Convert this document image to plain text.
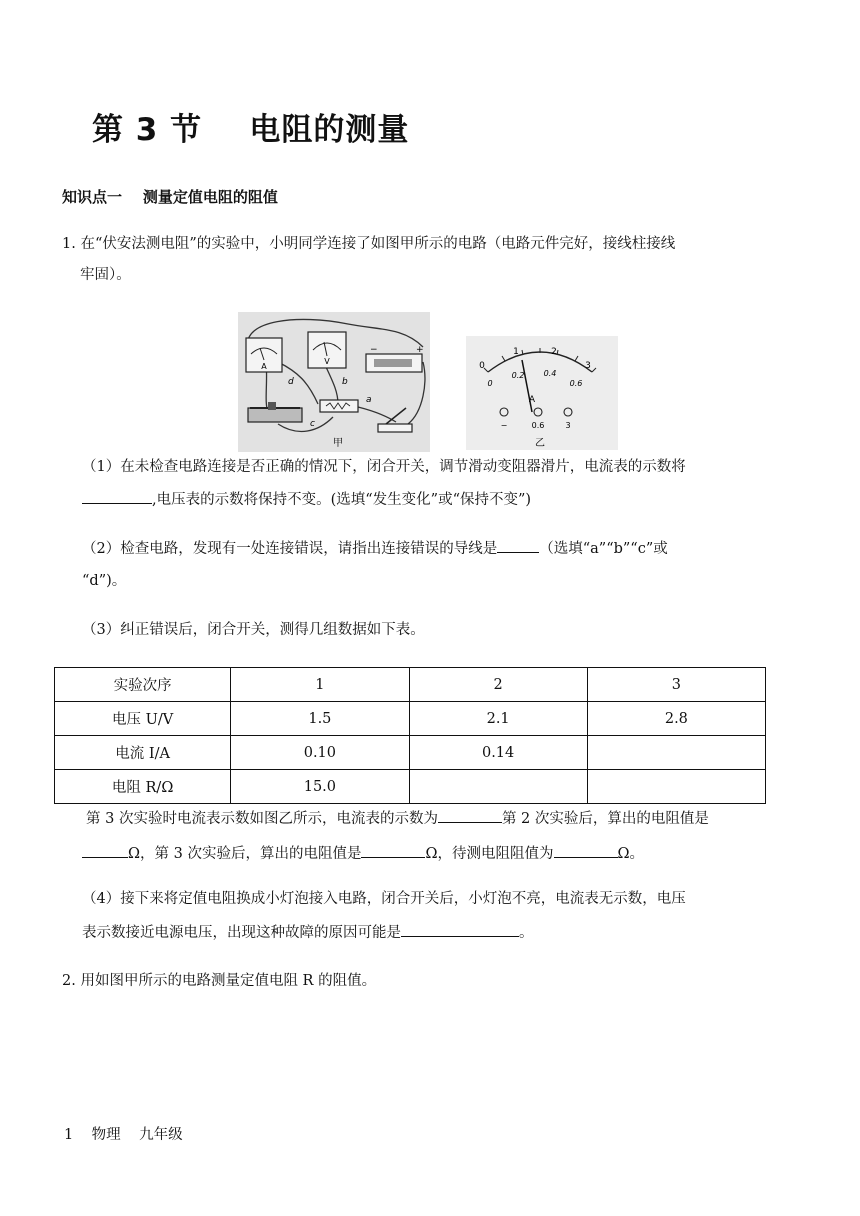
第 3 节    电阻的测量
知识点一    测量定值电阻的阻值
1. 在“伏安法测电阻”的实验中，小明同学连接了如图甲所示的电路（电路元件完好，接线柱接线
牢固）。
A
V
−	+
d	b
a
c
甲
0
1	2
3
0
0.2 0.4
0.6
A
−	0.6	3
乙
（1）在未检查电路连接是否正确的情况下，闭合开关，调节滑动变阻器滑片，电流表的示数将
,电压表的示数将保持不变。(选填“发生变化”或“保持不变”)
（2）检查电路，发现有一处连接错误，请指出连接错误的导线是	（选填“a”“b”“c”或
“d”)。
（3）纠正错误后，闭合开关，测得几组数据如下表。
实验次序	1	2	3
电压 U/V	1.5	2.1	2.8
电流 I/A	0.10	0.14	
电阻 R/Ω	15.0		
第 3 次实验时电流表示数如图乙所示，电流表的示数为	第 2 次实验后，算出的电阻值是
Ω，第 3 次实验后，算出的电阻值是	Ω，待测电阻阻值为	Ω。
（4）接下来将定值电阻换成小灯泡接入电路，闭合开关后，小灯泡不亮，电流表无示数，电压
表示数接近电源电压，出现这种故障的原因可能是	。
2. 用如图甲所示的电路测量定值电阻 R 的阻值。
1    物理    九年级
